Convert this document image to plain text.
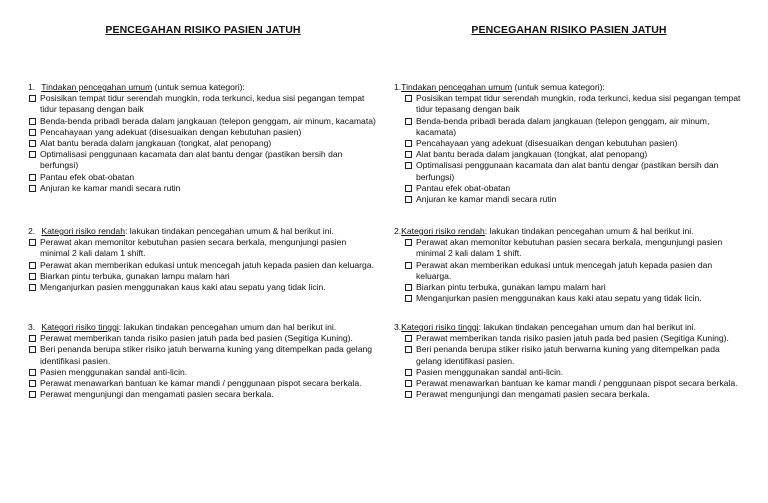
PENCEGAHAN RISIKO PASIEN JATUH
1. Tindakan pencegahan umum (untuk semua kategori):
Posisikan tempat tidur serendah mungkin, roda terkunci, kedua sisi pegangan tempat tidur tepasang dengan baik
Benda-benda pribadi berada dalam jangkauan (telepon genggam, air minum, kacamata)
Pencahayaan yang adekuat (disesuaikan dengan kebutuhan pasien)
Alat bantu berada dalam jangkauan (tongkat, alat penopang)
Optimalisasi penggunaan kacamata dan alat bantu dengar (pastikan bersih dan berfungsi)
Pantau efek obat-obatan
Anjuran ke kamar mandi secara rutin
2. Kategori risiko rendah: lakukan tindakan pencegahan umum & hal berikut ini.
Perawat akan memonitor kebutuhan pasien secara berkala, mengunjungi pasien minimal 2 kali dalam 1 shift.
Perawat akan memberikan edukasi untuk mencegah jatuh kepada pasien dan keluarga.
Biarkan pintu terbuka, gunakan lampu malam hari
Menganjurkan pasien menggunakan kaus kaki atau sepatu yang tidak licin.
3. Kategori risiko tinggi: lakukan tindakan pencegahan umum dan hal berikut ini.
Perawat memberikan tanda risiko pasien jatuh pada bed pasien (Segitiga Kuning).
Beri penanda berupa stiker risiko jatuh berwarna kuning yang ditempelkan pada gelang identifikasi pasien.
Pasien menggunakan sandal anti-licin.
Perawat menawarkan bantuan ke kamar mandi / penggunaan pispot secara berkala.
Perawat mengunjungi dan mengamati pasien secara berkala.
PENCEGAHAN RISIKO PASIEN JATUH
1.Tindakan pencegahan umum (untuk semua kategori):
Posisikan tempat tidur serendah mungkin, roda terkunci, kedua sisi pegangan tempat tidur tepasang dengan baik
Benda-benda pribadi berada dalam jangkauan (telepon genggam, air minum, kacamata)
Pencahayaan yang adekuat (disesuaikan dengan kebutuhan pasien)
Alat bantu berada dalam jangkauan (tongkat, alat penopang)
Optimalisasi penggunaan kacamata dan alat bantu dengar (pastikan bersih dan berfungsi)
Pantau efek obat-obatan
Anjuran ke kamar mandi secara rutin
2.Kategori risiko rendah: lakukan tindakan pencegahan umum & hal berikut ini.
Perawat akan memonitor kebutuhan pasien secara berkala, mengunjungi pasien minimal 2 kali dalam 1 shift.
Perawat akan memberikan edukasi untuk mencegah jatuh kepada pasien dan keluarga.
Biarkan pintu terbuka, gunakan lampu malam hari
Menganjurkan pasien menggunakan kaus kaki atau sepatu yang tidak licin.
3.Kategori risiko tinggi: lakukan tindakan pencegahan umum dan hal berikut ini.
Perawat memberikan tanda risiko pasien jatuh pada bed pasien (Segitiga Kuning).
Beri penanda berupa stiker risiko jatuh berwarna kuning yang ditempelkan pada gelang identifikasi pasien.
Pasien menggunakan sandal anti-licin.
Perawat menawarkan bantuan ke kamar mandi / penggunaan pispot secara berkala.
Perawat mengunjungi dan mengamati pasien secara berkala.
